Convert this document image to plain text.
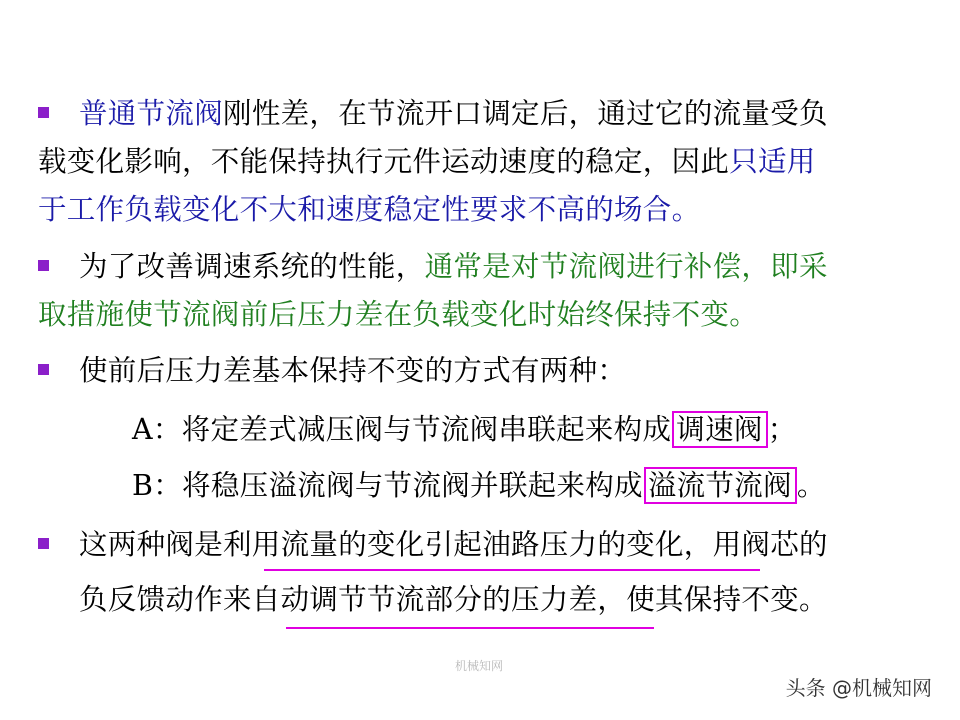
普通节流阀刚性差，在节流开口调定后，通过它的流量受负
载变化影响，不能保持执行元件运动速度的稳定，因此只适用
于工作负载变化不大和速度稳定性要求不高的场合。
为了改善调速系统的性能，通常是对节流阀进行补偿，即采
取措施使节流阀前后压力差在负载变化时始终保持不变。
使前后压力差基本保持不变的方式有两种：
A：将定差式减压阀与节流阀串联起来构成 调速阀 ；
B：将稳压溢流阀与节流阀并联起来构成 溢流节流阀 。
这两种阀是利用流量的变化引起油路压力的变化，用阀芯的
负反馈动作来自动调节节流部分的压力差，使其保持不变。
机械知网
头条 @机械知网
